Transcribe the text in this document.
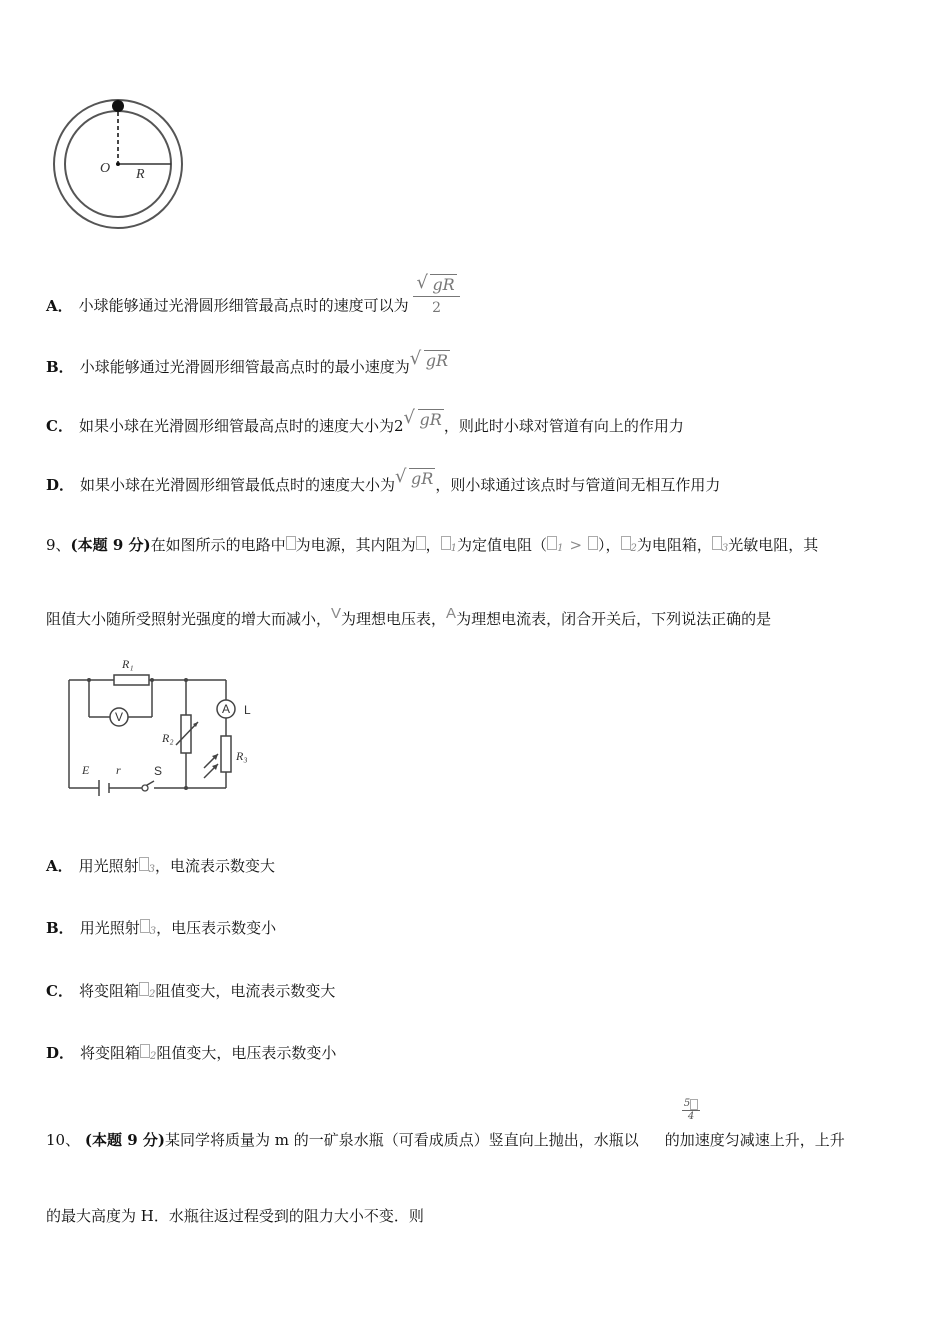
O R
A． 小球能够通过光滑圆形细管最高点时的速度可以为 $\frac{√ gR}{2}$
B． 小球能够通过光滑圆形细管最高点时的最小速度为 √ gR
C． 如果小球在光滑圆形细管最高点时的速度大小为2 √ gR ，则此时小球对管道有向上的作用力
D． 如果小球在光滑圆形细管最低点时的速度大小为 √ gR ，则小球通过该点时与管道间无相互作用力
9、(本题 9 分)在如图所示的电路中 为电源，其内阻为 ， 1为定值电阻（ 1 > ）， 2为电阻箱， 3光敏电阻，其
阻值大小随所受照射光强度的增大而减小，V为理想电压表，A为理想电流表，闭合开关后，下列说法正确的是
R₁
R₂
R₃
E r
V
A L
S
A． 用光照射 3，电流表示数变大
B． 用光照射 3，电压表示数变小
C． 将变阻箱 2阻值变大，电流表示数变大
D． 将变阻箱 2阻值变大，电压表示数变小
5
4
10、 (本题 9 分)某同学将质量为 m 的一矿泉水瓶（可看成质点）竖直向上抛出，水瓶以 的加速度匀减速上升，上升
的最大高度为 H．水瓶往返过程受到的阻力大小不变．则
